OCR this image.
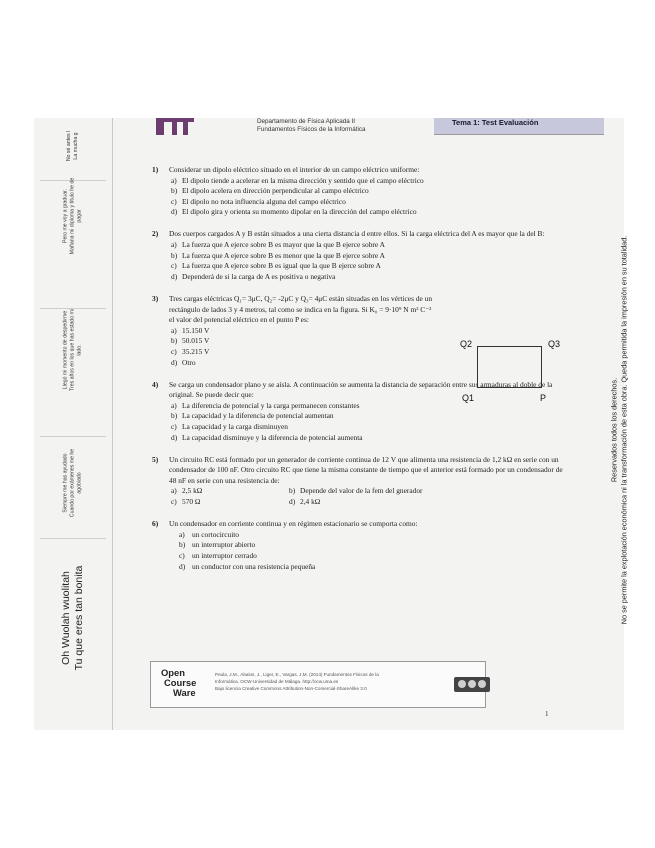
No sé antes l La mucha g
Pero me voy a graduar. Mañana mi diploma y título he de pagar
Llegó mi momento de despedirme Tres años en los que has estado mi lado.
Siempre me has ayudado Cuando por exámenes me he agobiado
Oh Wuolah wuolitah Tu que eres tan bonita
Departamento de Física Aplicada II
Fundamentos Físicos de la Informática
Tema 1: Test Evaluación
1) Considerar un dipolo eléctrico situado en el interior de un campo eléctrico uniforme:
a) El dipolo tiende a acelerar en la misma dirección y sentido que el campo eléctrico
b) El dipolo acelera en dirección perpendicular al campo eléctrico
c) El dipolo no nota influencia alguna del campo eléctrico
d) El dipolo gira y orienta su momento dipolar en la dirección del campo eléctrico
2) Dos cuerpos cargados A y B están situados a una cierta distancia d entre ellos. Si la carga eléctrica del A es mayor que la del B:
a) La fuerza que A ejerce sobre B es mayor que la que B ejerce sobre A
b) La fuerza que A ejerce sobre B es menor que la que B ejerce sobre A
c) La fuerza que A ejerce sobre B es igual que la que B ejerce sobre A
d) Dependerá de si la carga de A es positiva o negativa
3) Tres cargas eléctricas Q₁= 3μC, Q₂= -2μC y Q₃= 4μC están situadas en los vértices de un rectángulo de lados 3 y 4 metros, tal como se indica en la figura. Si K₀ = 9·10⁹ N m² C⁻² el valor del potencial eléctrico en el punto P es:
a) 15.150 V
b) 50.015 V
c) 35.215 V
d) Otro
4) Se carga un condensador plano y se aísla. A continuación se aumenta la distancia de separación entre sus armaduras al doble de la original. Se puede decir que:
a) La diferencia de potencial y la carga permanecen constantes
b) La capacidad y la diferencia de potencial aumentan
c) La capacidad y la carga disminuyen
d) La capacidad disminuye y la diferencia de potencial aumenta
5) Un circuito RC está formado por un generador de corriente continua de 12 V que alimenta una resistencia de 1,2 kΩ en serie con un condensador de 100 nF. Otro circuito RC que tiene la misma constante de tiempo que el anterior está formado por un condensador de 48 nF en serie con una resistencia de:
a) 2,5 kΩ	b) Depende del valor de la fem del gnerador
c) 570 Ω	d) 2,4 kΩ
6) Un condensador en corriente continua y en régimen estacionario se comporta como:
a) un cortocircuito
b) un interruptor abierto
c) un interruptor cerrado
d) un conductor con una resistencia pequeña
Q2	Q3
Q1	P
Open
Course
Ware
Peula, J.M., Abalos, J., Liger, E., Vargas, J.M. (2014) Fundamentos Físicos de la
Informática. OCW-Universidad de Málaga. http://ocw.uma.es
Bajo licencia Creative Commons Attribution-Non-Comercial-ShareAlike 3.0
1
Reservados todos los derechos. No se permite la explotación económica ni la transformación de esta obra. Queda permitida la impresión en su totalidad.
